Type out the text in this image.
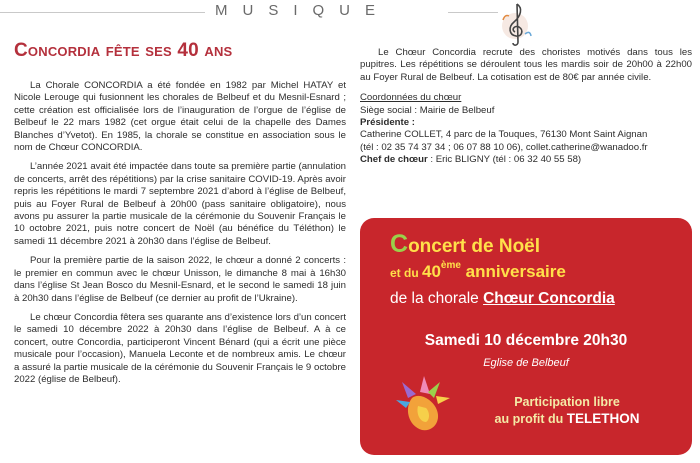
MUSIQUE
Concordia fête ses 40 ans

La Chorale CONCORDIA a été fondée en 1982 par Michel HATAY et Nicole Lerouge qui fusionnent les chorales de Belbeuf et du Mesnil-Esnard ; cette création est officialisée lors de l’inauguration de l’orgue de l’église de Belbeuf le 22 mars 1982 (cet orgue était celui de la chapelle des Dames Blanches d’Yvetot). En 1985, la chorale se constitue en association sous le nom de Chœur CONCORDIA.

L’année 2021 avait été impactée dans toute sa première partie (annulation de concerts, arrêt des répétitions) par la crise sanitaire COVID-19. Après avoir repris les répétitions le mardi 7 septembre 2021 d’abord à l’église de Belbeuf, puis au Foyer Rural de Belbeuf à 20h00 (pass sanitaire obligatoire), nous avons pu assurer la partie musicale de la cérémonie du Souvenir Français le 10 octobre 2021, puis notre concert de Noël (au bénéfice du Téléthon) le samedi 11 décembre 2021 à 20h30 dans l’église de Belbeuf.

Pour la première partie de la saison 2022, le chœur a donné 2 concerts : le premier en commun avec le chœur Unisson, le dimanche 8 mai à 16h30 dans l’église St Jean Bosco du Mesnil-Esnard, et le second le samedi 18 juin à 20h30 dans l’église de Belbeuf (ce dernier au profit de l’Ukraine).

Le chœur Concordia fêtera ses quarante ans d’existence lors d’un concert le samedi 10 décembre 2022 à 20h30 dans l’église de Belbeuf. A à ce concert, outre Concordia, participeront Vincent Bénard (qui a écrit une pièce musicale pour l’occasion), Manuela Leconte et de nombreux amis. Le chœur a assuré la partie musicale de la cérémonie du Souvenir Français le 9 octobre 2022 (église de Belbeuf).

Le Chœur Concordia recrute des choristes motivés dans tous les pupitres. Les répétitions se déroulent tous les mardis soir de 20h00 à 22h00 au Foyer Rural de Belbeuf. La cotisation est de 80€ par année civile.

Coordonnées du chœur
Siège social : Mairie de Belbeuf
Présidente :
Catherine COLLET, 4 parc de la Touques, 76130 Mont Saint Aignan
(tél : 02 35 74 37 34 ; 06 07 88 10 06), collet.catherine@wanadoo.fr
Chef de chœur : Eric BLIGNY (tél : 06 32 40 55 58)
Concert de Noël
et du 40ème anniversaire
de la chorale Chœur Concordia
Samedi 10 décembre 20h30
Eglise de Belbeuf
Participation libre
au profit du TELETHON
